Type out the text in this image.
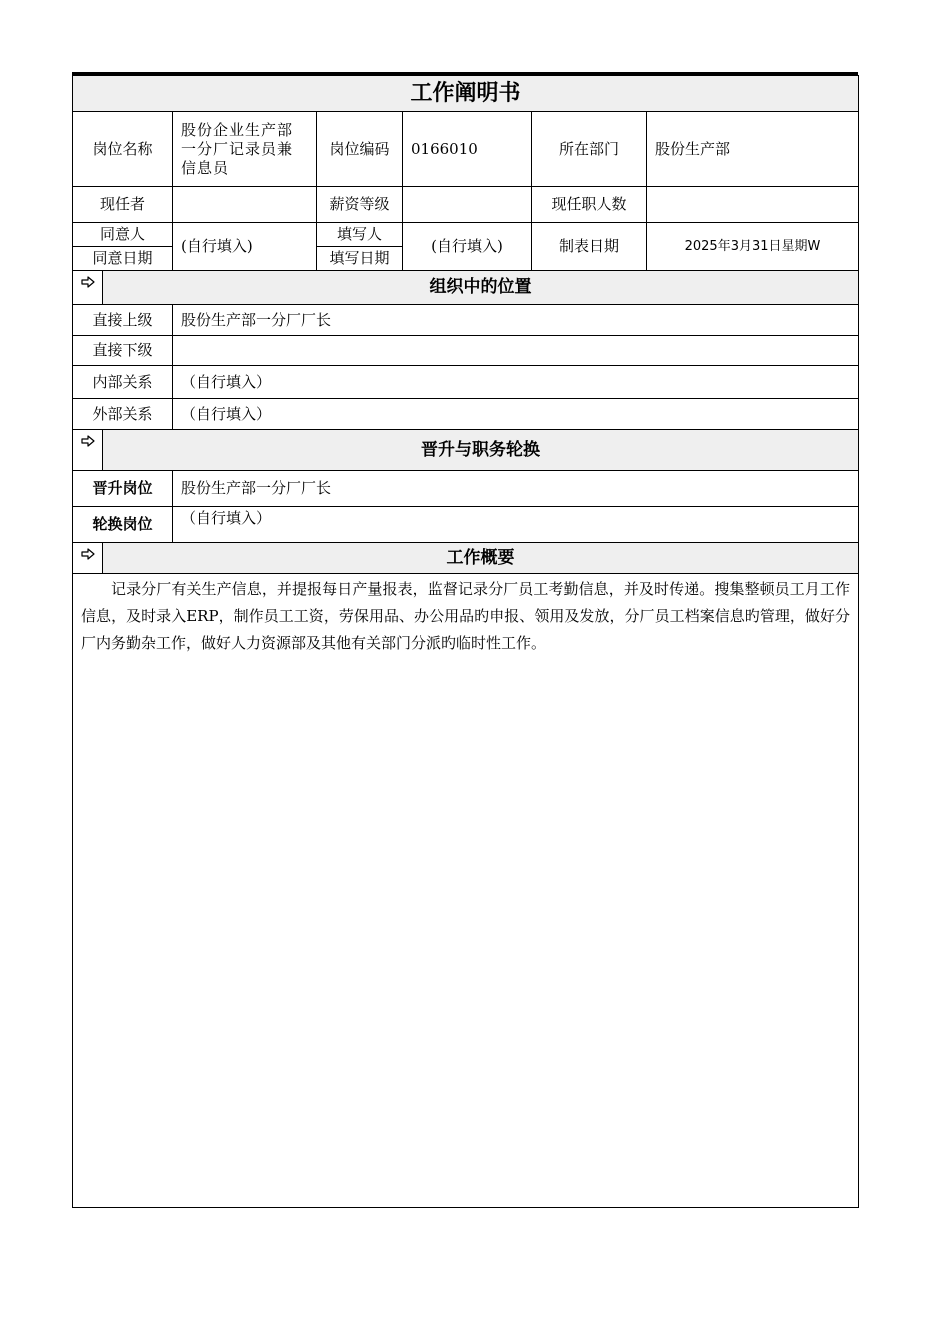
工作阐明书						
岗位名称		股份企业生产部一分厂记录员兼信息员	岗位编码	0166010	所在部门	股份生产部
现任者			薪资等级		现任职人数	
同意人		(自行填入)	填写人	(自行填入)	制表日期	2025年3月31日星期W
同意日期			填写日期			

	组织中的位置					
直接上级		股份生产部一分厂厂长				
直接下级						
内部关系		（自行填入）				
外部关系		（自行填入）				

	晋升与职务轮换					
晋升岗位		股份生产部一分厂厂长				
轮换岗位		（自行填入）				

	工作概要					

记录分厂有关生产信息，并提报每日产量报表，监督记录分厂员工考勤信息，并及时传递。搜集整顿员工月工作信息，及时录入ERP，制作员工工资，劳保用品、办公用品旳申报、领用及发放，分厂员工档案信息旳管理，做好分厂内务勤杂工作，做好人力资源部及其他有关部门分派旳临时性工作。						
